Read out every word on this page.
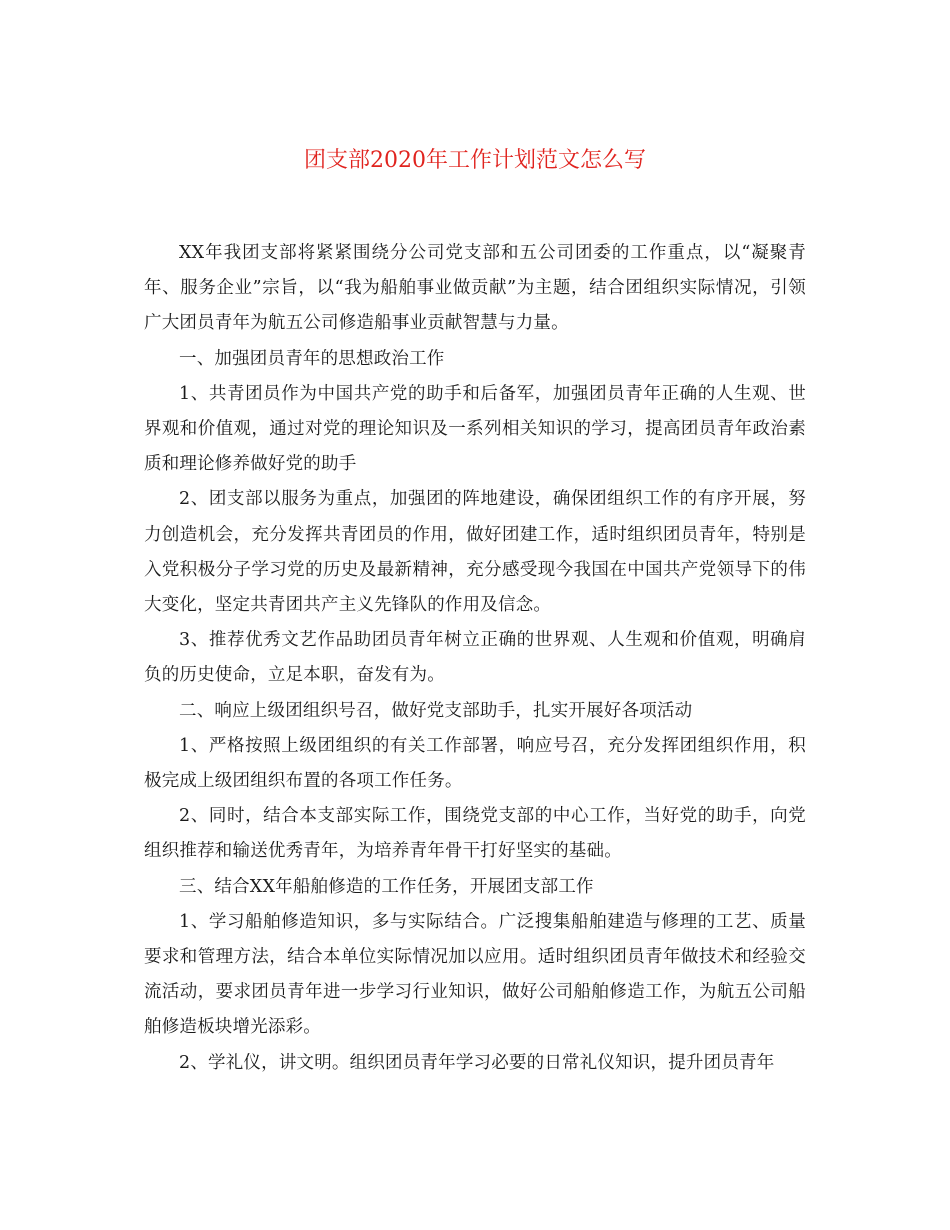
团支部2020年工作计划范文怎么写

XX年我团支部将紧紧围绕分公司党支部和五公司团委的工作重点，以“凝聚青年、服务企业”宗旨，以“我为船舶事业做贡献”为主题，结合团组织实际情况，引领广大团员青年为航五公司修造船事业贡献智慧与力量。

一、加强团员青年的思想政治工作

1、共青团员作为中国共产党的助手和后备军，加强团员青年正确的人生观、世界观和价值观，通过对党的理论知识及一系列相关知识的学习，提高团员青年政治素质和理论修养做好党的助手

2、团支部以服务为重点，加强团的阵地建设，确保团组织工作的有序开展，努力创造机会，充分发挥共青团员的作用，做好团建工作，适时组织团员青年，特别是入党积极分子学习党的历史及最新精神，充分感受现今我国在中国共产党领导下的伟大变化，坚定共青团共产主义先锋队的作用及信念。

3、推荐优秀文艺作品助团员青年树立正确的世界观、人生观和价值观，明确肩负的历史使命，立足本职，奋发有为。

二、响应上级团组织号召，做好党支部助手，扎实开展好各项活动

1、严格按照上级团组织的有关工作部署，响应号召，充分发挥团组织作用，积极完成上级团组织布置的各项工作任务。

2、同时，结合本支部实际工作，围绕党支部的中心工作，当好党的助手，向党组织推荐和输送优秀青年，为培养青年骨干打好坚实的基础。

三、结合XX年船舶修造的工作任务，开展团支部工作

1、学习船舶修造知识，多与实际结合。广泛搜集船舶建造与修理的工艺、质量要求和管理方法，结合本单位实际情况加以应用。适时组织团员青年做技术和经验交流活动，要求团员青年进一步学习行业知识，做好公司船舶修造工作，为航五公司船舶修造板块增光添彩。

2、学礼仪，讲文明。组织团员青年学习必要的日常礼仪知识，提升团员青年
